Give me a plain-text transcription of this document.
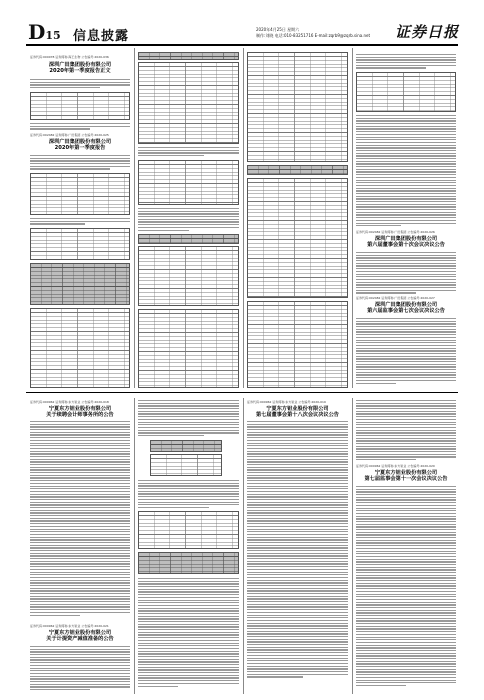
D15 信息披露	2020年4月25日 星期六
制作:刘晓 电话:010-83251716 E-mail:zqrb9@zqrb.sina.net	证券日报
证券代码:000078 证券简称:海王生物 公告编号:2020-036
深圳广田集团股份有限公司
2020年第一季度报告正文
证券代码:002482 证券简称:广田集团 公告编号:2020-025
深圳广田集团股份有限公司
2020年第一季度报告
证券代码:002482 证券简称:广田集团 公告编号:2020-026
深圳广田集团股份有限公司
第六届董事会第十次会议决议公告
证券代码:002482 证券简称:广田集团 公告编号:2020-027
深圳广田集团股份有限公司
第六届监事会第七次会议决议公告
证券代码:000962 证券简称:东方钽业 公告编号:2020-018
宁夏东方钽业股份有限公司
关于续聘会计师事务所的公告
证券代码:000962 证券简称:东方钽业 公告编号:2020-021
宁夏东方钽业股份有限公司
关于计提资产减值准备的公告
证券代码:000962 证券简称:东方钽业 公告编号:2020-019
宁夏东方钽业股份有限公司
第七届董事会第十八次会议决议公告
证券代码:000962 证券简称:东方钽业 公告编号:2020-020
宁夏东方钽业股份有限公司
第七届监事会第十一次会议决议公告
